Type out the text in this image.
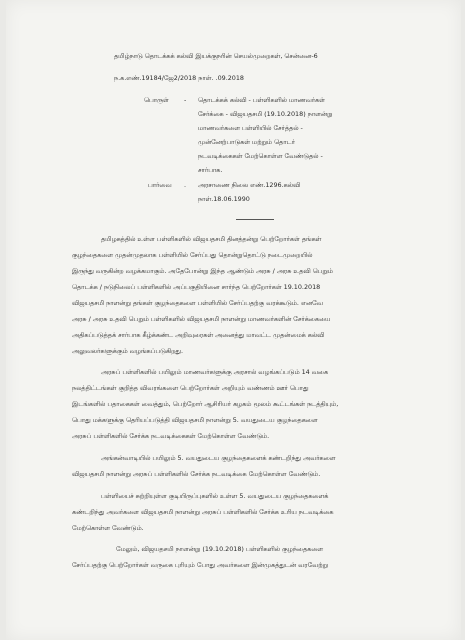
தமிழ்நாடு தொடக்கக் கல்வி இயக்குநரின் செயல்முறைகள், சென்னை-6
ந.க.எண்.19184/ஜே2/2018 நாள். .09.2018
பொருள் - தொடக்கக் கல்வி - பள்ளிகளில் மாணவர்கள்
சேர்க்கை - விஜயதசமி (19.10.2018) நாளன்று
மாணவர்களை பள்ளியில் சேர்த்தல் -
முன்னேற்பாடுகள் மற்றும் தொடர்
நடவடிக்கைகள் மேற்கொள்ள வேண்டுதல் -
சார்பாக.
பார்வை . அரசாணை நிலை எண்.1296.கல்வி
நாள்.18.06.1990
தமிழகத்தில் உள்ள பள்ளிகளில் விஜயதசமி தினத்தன்று பெற்றோர்கள் தங்கள்
குழந்தைகளை முதன்முதலாக பள்ளியில் சேர்ப்பது தொன்றுதொட்டு நடைமுறையில்
இருந்து வருகின்ற வழக்கமாகும். அதேபோன்று இந்த ஆண்டும் அரசு / அரசு உதவி பெறும்
தொடக்க / நடுநிலைப் பள்ளிகளில் அப்பகுதியினை சார்ந்த பெற்றோர்கள் 19.10.2018
விஜயதசமி நாளன்று தங்கள் குழந்தைகளை பள்ளியில் சேர்ப்பதற்கு வரக்கூடும். எனவே
அரசு / அரசு உதவி பெறும் பள்ளிகளில் விஜயதசமி நாளன்று மாணவர்களின் சேர்க்கையை
அதிகப்படுத்தக் சார்பாக கீழ்க்கண்ட அறிவுரைகள் அனைத்து மாவட்ட முதன்மைக் கல்வி
அலுவலர்களுக்கும் வழங்கப்படுகிறது.
அரசுப் பள்ளிகளில் பயிலும் மாணவர்களுக்கு அரசால் வழங்கப்படும் 14 வகை
நலத்திட்டங்கள் குறித்த விவரங்களை பெற்றோர்கள் அறியும் வண்ணம் ஊர் பொது
இடங்களில் பதாகைகள் வைத்தும், பெற்றோர் ஆசிரியர் கழகம் மூலம் கூட்டங்கள் நடத்தியும்,
பொது மக்களுக்கு தெரியப்படுத்தி விஜயதசமி நாளன்று 5. வயதுடைய குழந்தைகளை
அரசுப் பள்ளிகளில் சேர்க்க நடவடிக்கைகள் மேற்கொள்ள வேண்டும்.
அங்கன்வாடியில் பயிலும் 5. வயதுடைய குழந்தைகளைக் கண்டறிந்து அவர்களை
விஜயதசமி நாளன்று அரசுப் பள்ளிகளில் சேர்க்க நடவடிக்கை மேற்கொள்ள வேண்டும்.
பள்ளியைச் சுற்றியுள்ள குடியிருப்புகளில் உள்ள 5. வயதுடைய குழந்தைகளைக்
கண்டறிந்து அவர்களை விஜயதசமி நாளன்று அரசுப் பள்ளிகளில் சேர்க்க உரிய நடவடிக்கை
மேற்கொள்ள வேண்டும்.
மேலும், விஜயதசமி நாளன்று (19.10.2018) பள்ளிகளில் குழந்தைகளை
சேர்ப்பதற்கு பெற்றோர்கள் வருகை புரியும் போது அவர்களை இன்முகத்துடன் வரவேற்று
